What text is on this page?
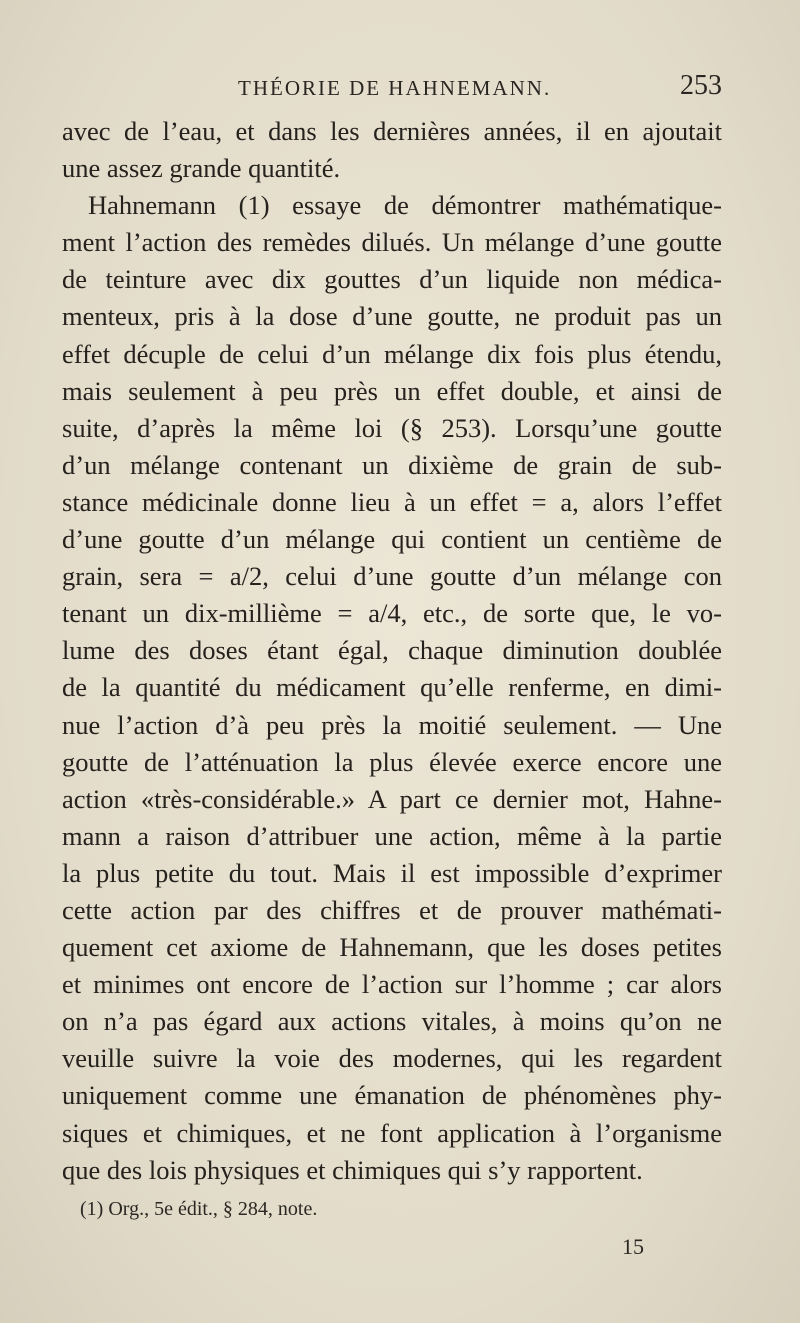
THÉORIE DE HAHNEMANN.	253
avec de l’eau, et dans les dernières années, il en ajoutait
une assez grande quantité.
Hahnemann (1) essaye de démontrer mathématique-
ment l’action des remèdes dilués. Un mélange d’une goutte
de teinture avec dix gouttes d’un liquide non médica-
menteux, pris à la dose d’une goutte, ne produit pas un
effet décuple de celui d’un mélange dix fois plus étendu,
mais seulement à peu près un effet double, et ainsi de
suite, d’après la même loi (§ 253). Lorsqu’une goutte
d’un mélange contenant un dixième de grain de sub-
stance médicinale donne lieu à un effet = a, alors l’effet
d’une goutte d’un mélange qui contient un centième de
grain, sera = a/2, celui d’une goutte d’un mélange con
tenant un dix-millième = a/4, etc., de sorte que, le vo-
lume des doses étant égal, chaque diminution doublée
de la quantité du médicament qu’elle renferme, en dimi-
nue l’action d’à peu près la moitié seulement. — Une
goutte de l’atténuation la plus élevée exerce encore une
action «très-considérable.» A part ce dernier mot, Hahne-
mann a raison d’attribuer une action, même à la partie
la plus petite du tout. Mais il est impossible d’exprimer
cette action par des chiffres et de prouver mathémati-
quement cet axiome de Hahnemann, que les doses petites
et minimes ont encore de l’action sur l’homme ; car alors
on n’a pas égard aux actions vitales, à moins qu’on ne
veuille suivre la voie des modernes, qui les regardent
uniquement comme une émanation de phénomènes phy-
siques et chimiques, et ne font application à l’organisme
que des lois physiques et chimiques qui s’y rapportent.
(1) Org., 5e édit., § 284, note.
15
